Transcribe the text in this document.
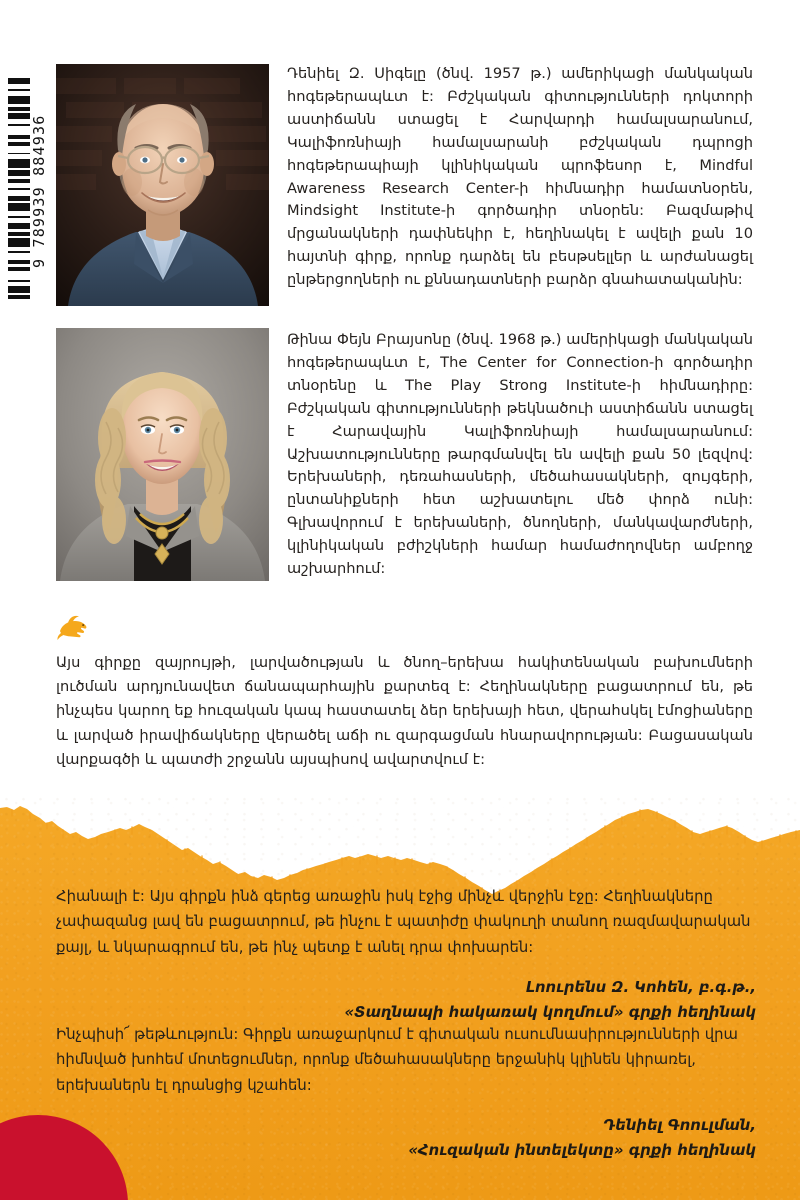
9 789939 884936
Դենիել Զ. Սիգելը (ծնվ. 1957 թ.) ամերիկացի մանկական հոգեթերապևտ է: Բժշկական գիտությունների դոկտորի աստիճանն ստացել է Հարվարդի համալսարանում, Կալիֆոռնիայի համալսարանի բժշկական դպրոցի հոգեթերապիայի կլինիկական պրոֆեսոր է, Mindful Awareness Research Center-ի հիմնադիր համատնօրեն, Mindsight Institute-ի գործադիր տնօրեն: Բազմաթիվ մրցանակների դափնեկիր է, հեղինակել է ավելի քան 10 հայտնի գիրք, որոնք դարձել են բեսթսելլեր և արժանացել ընթերցողների ու քննադատների բարձր գնահատականին:
Թինա Փեյն Բրայսոնը (ծնվ. 1968 թ.) ամերիկացի մանկական հոգեթերապևտ է, The Center for Connection-ի գործադիր տնօրենը և The Play Strong Institute-ի հիմնադիրը: Բժշկական գիտությունների թեկնածուի աստիճանն ստացել է Հարավային Կալիֆոռնիայի համալսարանում: Աշխատությունները թարգմանվել են ավելի քան 50 լեզվով: Երեխաների, դեռահասների, մեծահասակների, զույգերի, ընտանիքների հետ աշխատելու մեծ փորձ ունի: Գլխավորում է երեխաների, ծնողների, մանկավարժների, կլինիկական բժիշկների համար համաժողովներ ամբողջ աշխարհում:
Այս գիրքը զայրույթի, լարվածության և ծնող–երեխա հակիտենական բախումների լուծման արդյունավետ ճանապարհային քարտեզ է: Հեղինակները բացատրում են, թե ինչպես կարող եք հուզական կապ հաստատել ձեր երեխայի հետ, վերահսկել էմոցիաները և լարված իրավիճակները վերածել աճի ու զարգացման հնարավորության: Բացասական վարքագծի և պատժի շրջանն այսպիսով ավարտվում է:
Հիանալի է: Այս գիրքն ինձ գերեց առաջին իսկ էջից մինչև վերջին էջը: Հեղինակները չափազանց լավ են բացատրում, թե ինչու է պատիժը փակուղի տանող ռազմավարական քայլ, և նկարագրում են, թե ինչ պետք է անել դրա փոխարեն:
Լոուրենս Զ. Կոհեն, բ.գ.թ.,
«Տաղնապի հակառակ կողմում» գրքի հեղինակ
Ինչպիսի՜ թեթևություն: Գիրքն առաջարկում է գիտական ուսումնասիրությունների վրա հիմնված խոհեմ մոտեցումներ, որոնք մեծահասակները երջանիկ կլինեն կիրառել, երեխաներն էլ դրանցից կշահեն:
Դենիել Գոուլման,
«Հուզական ինտելեկտը» գրքի հեղինակ
